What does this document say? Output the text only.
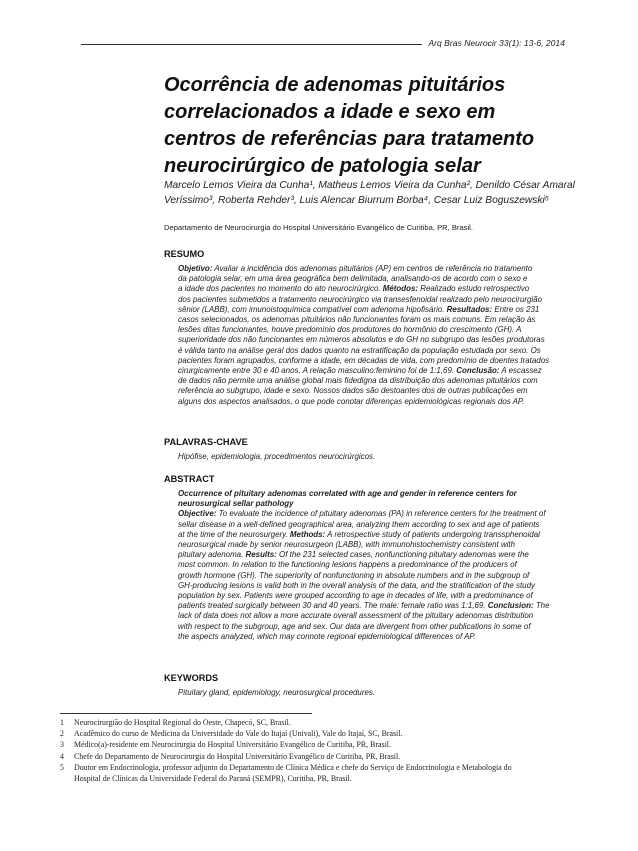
Arq Bras Neurocir 33(1): 13-6, 2014
Ocorrência de adenomas pituitários
correlacionados a idade e sexo em
centros de referências para tratamento
neurocirúrgico de patologia selar
Marcelo Lemos Vieira da Cunha¹, Matheus Lemos Vieira da Cunha², Denildo César Amaral
Veríssimo³, Roberta Rehder³, Luis Alencar Biurrum Borba⁴, Cesar Luiz Boguszewski⁵
Departamento de Neurocirurgia do Hospital Universitário Evangélico de Curitiba, PR, Brasil.
RESUMO
Objetivo: Avaliar a incidência dos adenomas pituitários (AP) em centros de referência no tratamento
da patologia selar, em uma área geográfica bem delimitada, analisando-os de acordo com o sexo e
a idade dos pacientes no momento do ato neurocirúrgico. Métodos: Realizado estudo retrospectivo
dos pacientes submetidos a tratamento neurocirúrgico via transesfenoidal realizado pelo neurocirurgião
sênior (LABB), com imunoistoquímica compatível com adenoma hipofisário. Resultados: Entre os 231
casos selecionados, os adenomas pituitários não funcionantes foram os mais comuns. Em relação às
lesões ditas funcionantes, houve predomínio dos produtores do hormônio do crescimento (GH). A
superioridade dos não funcionantes em números absolutos e do GH no subgrupo das lesões produtoras
é válida tanto na análise geral dos dados quanto na estratificação da população estudada por sexo. Os
pacientes foram agrupados, conforme a idade, em décadas de vida, com predomínio de doentes tratados
cirurgicamente entre 30 e 40 anos. A relação masculino:feminino foi de 1:1,69. Conclusão: A escassez
de dados não permite uma análise global mais fidedigna da distribuição dos adenomas pituitários com
referência ao subgrupo, idade e sexo. Nossos dados são destoantes dos de outras publicações em
alguns dos aspectos analisados, o que pode conotar diferenças epidemiológicas regionais dos AP.
PALAVRAS-CHAVE
Hipófise, epidemiologia, procedimentos neurocirúrgicos.
ABSTRACT
Occurrence of pituitary adenomas correlated with age and gender in reference centers for
neurosurgical sellar pathology
Objective: To evaluate the incidence of pituitary adenomas (PA) in reference centers for the treatment of
sellar disease in a well-defined geographical area, analyzing them according to sex and age of patients
at the time of the neurosurgery. Methods: A retrospective study of patients undergoing transsphenoidal
neurosurgical made by senior neurosurgeon (LABB), with immunohistochemistry consistent with
pituitary adenoma. Results: Of the 231 selected cases, nonfunctioning pituitary adenomas were the
most common. In relation to the functioning lesions happens a predominance of the producers of
growth hormone (GH). The superiority of nonfunctioning in absolute numbers and in the subgroup of
GH-producing lesions is valid both in the overall analysis of the data, and the stratification of the study
population by sex. Patients were grouped according to age in decades of life, with a predominance of
patients treated surgically between 30 and 40 years. The male: female ratio was 1:1,69. Conclusion: The
lack of data does not allow a more accurate overall assessment of the pituitary adenomas distribution
with respect to the subgroup, age and sex. Our data are divergent from other publications in some of
the aspects analyzed, which may connote regional epidemiological differences of AP.
KEYWORDS
Pituitary gland, epidemiology, neurosurgical procedures.
1 Neurocirurgião do Hospital Regional do Oeste, Chapecó, SC, Brasil.
2 Acadêmico do curso de Medicina da Universidade do Vale do Itajaí (Univali), Vale do Itajaí, SC, Brasil.
3 Médico(a)-residente em Neurocirurgia do Hospital Universitário Evangélico de Curitiba, PR, Brasil.
4 Chefe do Departamento de Neurocirurgia do Hospital Universitário Evangélico de Curitiba, PR, Brasil.
5 Doutor em Endocrinologia, professor adjunto do Departamento de Clínica Médica e chefe do Serviço de Endocrinologia e Metabologia do
Hospital de Clínicas da Universidade Federal do Paraná (SEMPR), Curitiba, PR, Brasil.
